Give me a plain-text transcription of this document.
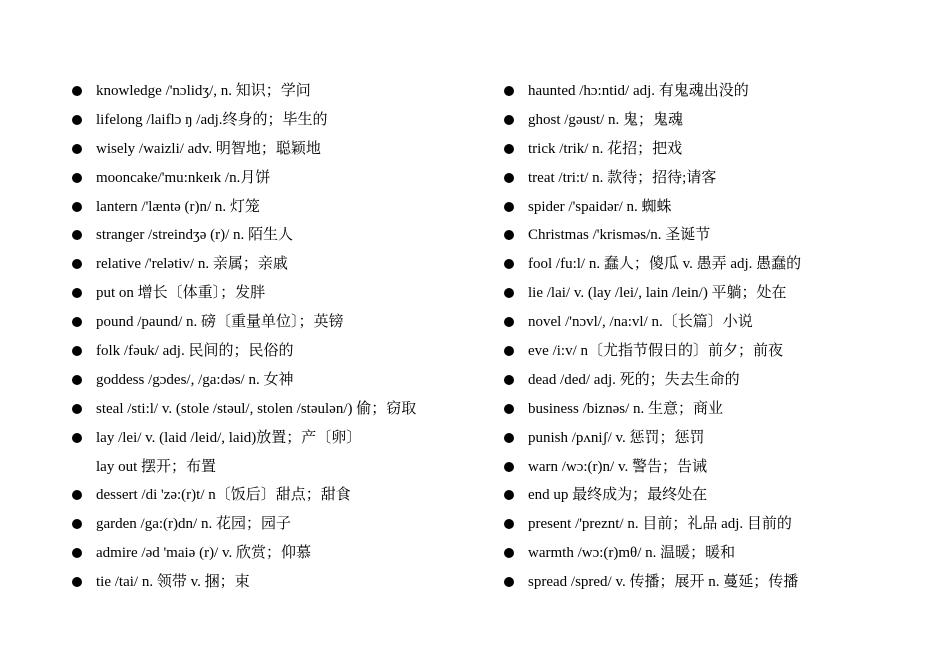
knowledge /'nɔlidʒ/, n. 知识；学问
lifelong /laiflɔ ŋ /adj.终身的；毕生的
wisely /waizli/ adv. 明智地；聪颖地
mooncake/'mu:nkeɪk /n.月饼
lantern /'læntə (r)n/ n. 灯笼
stranger /streindʒə (r)/ n. 陌生人
relative /'relətiv/ n. 亲属；亲戚
put on 增长〔体重〕；发胖
pound /paund/ n. 磅〔重量单位〕；英镑
folk /fəuk/ adj. 民间的；民俗的
goddess /gɔdes/, /ga:dəs/ n. 女神
steal /sti:l/ v. (stole /stəul/, stolen /stəulən/) 偷；窃取
lay /lei/ v. (laid /leid/, laid)放置；产〔卵〕
lay out 摆开；布置
dessert /di 'zə:(r)t/ n〔饭后〕甜点；甜食
garden /ga:(r)dn/ n. 花园；园子
admire /əd 'maiə (r)/ v. 欣赏；仰慕
tie /tai/ n. 领带 v. 捆；束
haunted /hɔ:ntid/ adj. 有鬼魂出没的
ghost /gəust/ n. 鬼；鬼魂
trick /trik/ n. 花招；把戏
treat /tri:t/ n. 款待；招待;请客
spider /'spaidər/ n. 蜘蛛
Christmas /'krisməs/n. 圣诞节
fool /fu:l/ n. 蠢人；傻瓜 v. 愚弄 adj. 愚蠢的
lie /lai/ v. (lay /lei/, lain /lein/) 平躺；处在
novel /'nɔvl/, /na:vl/ n.〔长篇〕小说
eve /i:v/ n〔尤指节假日的〕前夕；前夜
dead /ded/ adj. 死的；失去生命的
business /biznəs/ n. 生意；商业
punish /pʌniʃ/ v. 惩罚；惩罚
warn /wɔ:(r)n/ v. 警告；告诫
end up 最终成为；最终处在
present /'preznt/ n. 目前；礼品 adj. 目前的
warmth /wɔ:(r)mθ/ n. 温暖；暖和
spread /spred/ v. 传播；展开 n. 蔓延；传播
